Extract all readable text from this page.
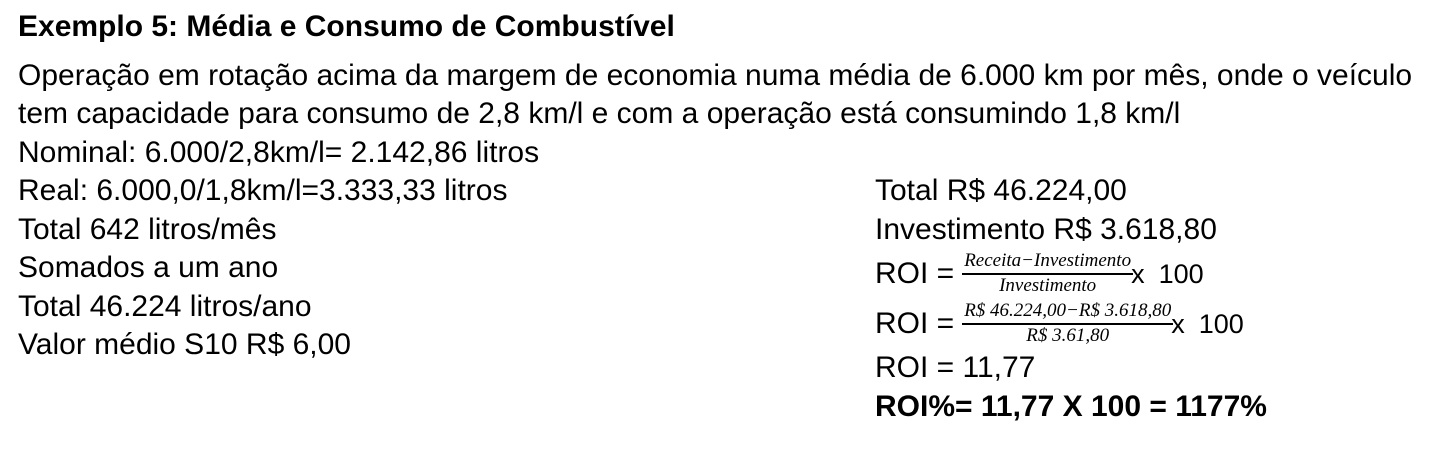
Exemplo 5: Média e Consumo de Combustível
Operação em rotação acima da margem de economia numa média de 6.000 km por mês, onde o veículo
tem capacidade para consumo de 2,8 km/l e com a operação está consumindo 1,8 km/l
Nominal: 6.000/2,8km/l= 2.142,86 litros
Real: 6.000,0/1,8km/l=3.333,33 litros
Total 642 litros/mês
Somados a um ano
Total 46.224 litros/ano
Valor médio S10 R$ 6,00
Total R$ 46.224,00
Investimento R$ 3.618,80
ROI = $\frac{\text{Receita−Investimento}}{\text{Investimento}}$
x 100
ROI = $\frac{R\$ 46.224,00-R\$ 3.618,80}{R\$ 3.61,80}$
x 100
ROI = 11,77
ROI%= 11,77 X 100 = 1177%
